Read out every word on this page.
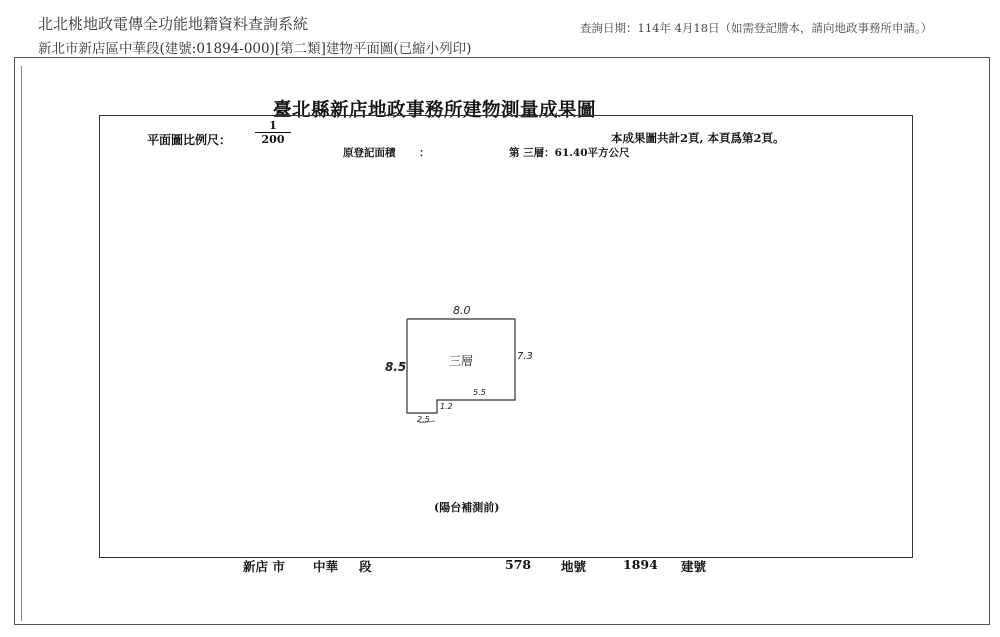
北北桃地政電傳全功能地籍資料查詢系統	查詢日期：114年 4月18日（如需登記謄本，請向地政事務所申請。）
新北市新店區中華段(建號:01894-000)[第二類]建物平面圖(已縮小列印)
臺北縣新店地政事務所建物測量成果圖
平面圖比例尺：
1
200	本成果圖共計2頁, 本頁爲第2頁。
原登記面積 ：	第 三層：61.40平方公尺
8.0
8.5
7.3
三層
5.5
1.2
2.5
(陽台補測前)
新店 市 中華 段	578 地號	1894 建號
